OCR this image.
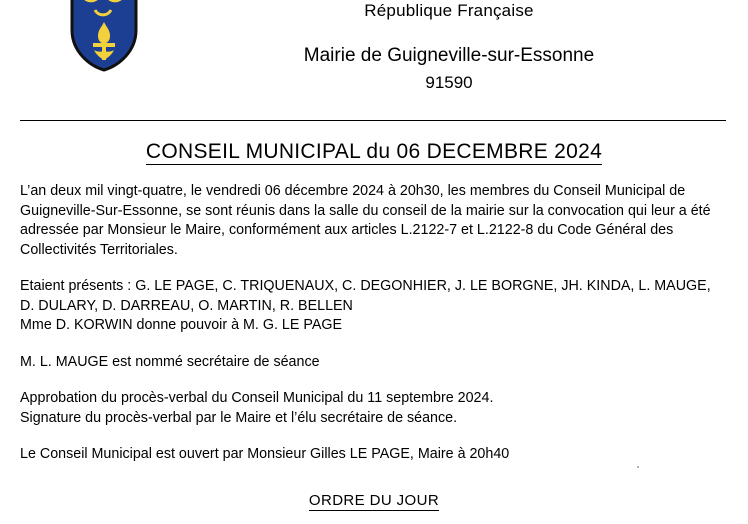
République Française
Mairie de Guigneville-sur-Essonne
91590
CONSEIL MUNICIPAL du 06 DECEMBRE 2024

L’an deux mil vingt-quatre, le vendredi 06 décembre 2024 à 20h30, les membres du Conseil Municipal de Guigneville-Sur-Essonne, se sont réunis dans la salle du conseil de la mairie sur la convocation qui leur a été adressée par Monsieur le Maire, conformément aux articles L.2122-7 et L.2122-8 du Code Général des Collectivités Territoriales.

Etaient présents : G. LE PAGE, C. TRIQUENAUX, C. DEGONHIER, J. LE BORGNE, JH. KINDA, L. MAUGE, D. DULARY, D. DARREAU, O. MARTIN, R. BELLEN

Mme D. KORWIN donne pouvoir à M. G. LE PAGE

M. L. MAUGE est nommé secrétaire de séance

Approbation du procès-verbal du Conseil Municipal du 11 septembre 2024.

Signature du procès-verbal par le Maire et l’élu secrétaire de séance.

Le Conseil Municipal est ouvert par Monsieur Gilles LE PAGE, Maire à 20h40

ORDRE DU JOUR
